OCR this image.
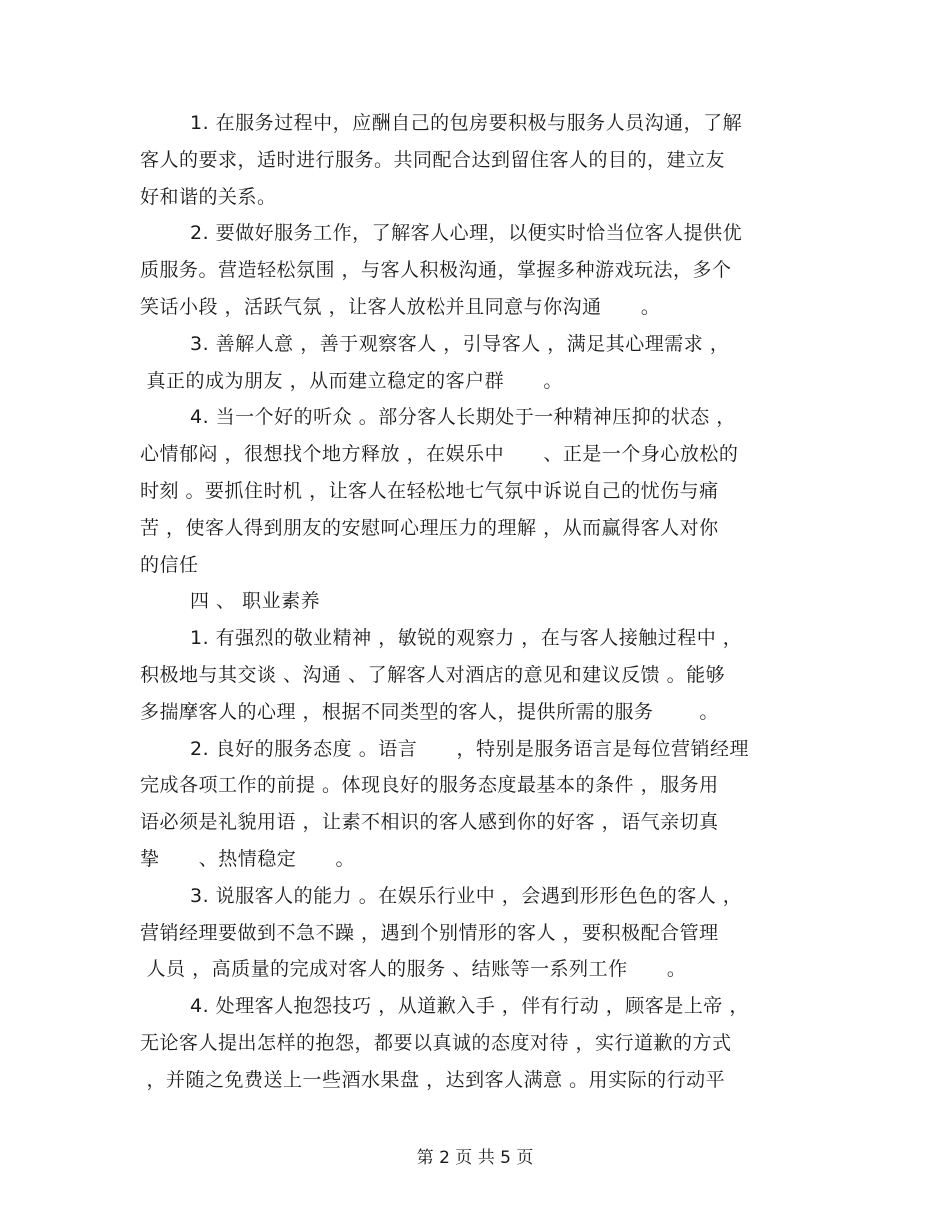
1. 在服务过程中，应酬自己的包房要积极与服务人员沟通，了解
客人的要求，适时进行服务。共同配合达到留住客人的目的，建立友
好和谐的关系。
2. 要做好服务工作，了解客人心理，以便实时恰当位客人提供优
质服务。营造轻松氛围 ，与客人积极沟通，掌握多种游戏玩法，多个
笑话小段 ，活跃气氛 ，让客人放松并且同意与你沟通      。
3. 善解人意 ，善于观察客人 ，引导客人 ，满足其心理需求 ，
真正的成为朋友 ，从而建立稳定的客户群      。
4. 当一个好的听众 。部分客人长期处于一种精神压抑的状态 ，
心情郁闷 ，很想找个地方释放 ，在娱乐中      、正是一个身心放松的
时刻 。要抓住时机 ，让客人在轻松地七气氛中诉说自己的忧伤与痛
苦 ，使客人得到朋友的安慰呵心理压力的理解 ，从而赢得客人对你
的信任
四 、 职业素养
1. 有强烈的敬业精神 ，敏锐的观察力 ，在与客人接触过程中 ，
积极地与其交谈 、沟通 、了解客人对酒店的意见和建议反馈 。能够
多揣摩客人的心理 ，根据不同类型的客人，提供所需的服务       。
2. 良好的服务态度 。语言      ，特别是服务语言是每位营销经理
完成各项工作的前提 。体现良好的服务态度最基本的条件 ，服务用
语必须是礼貌用语 ，让素不相识的客人感到你的好客 ，语气亲切真
挚      、热情稳定      。
3. 说服客人的能力 。在娱乐行业中 ，会遇到形形色色的客人 ，
营销经理要做到不急不躁 ，遇到个别情形的客人 ，要积极配合管理
人员 ，高质量的完成对客人的服务 、结账等一系列工作      。
4. 处理客人抱怨技巧 ，从道歉入手 ，伴有行动 ，顾客是上帝 ，
无论客人提出怎样的抱怨，都要以真诚的态度对待 ，实行道歉的方式
，并随之免费送上一些酒水果盘 ，达到客人满意 。用实际的行动平
第 2 页 共 5 页
